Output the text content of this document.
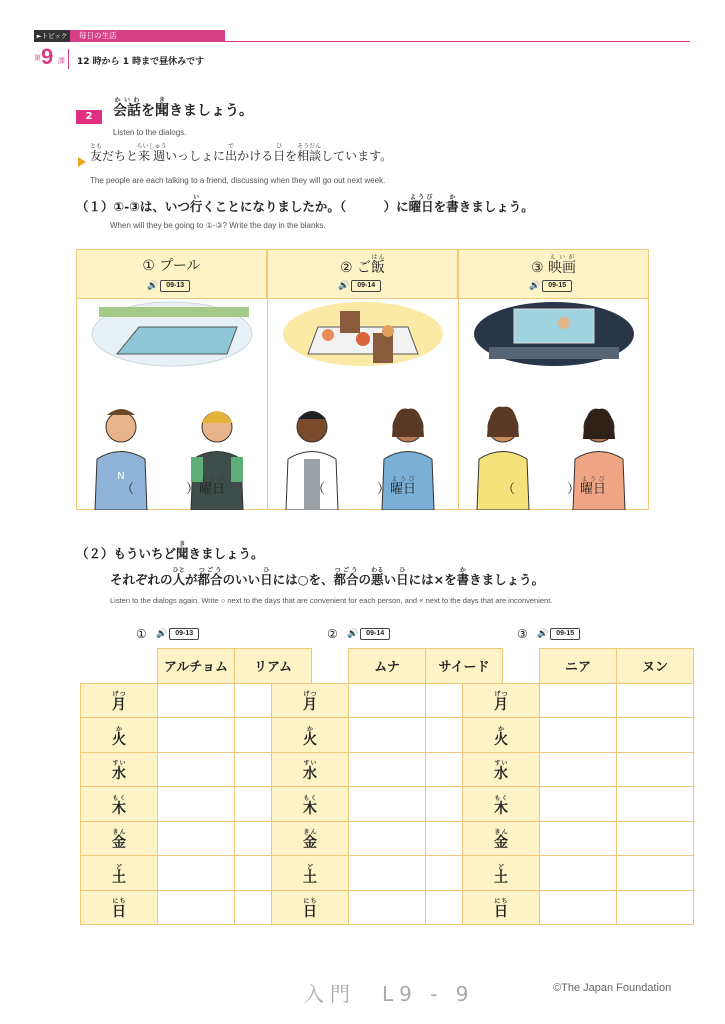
►トピック	毎日の生活
第 9 課 12 時から 1 時まで昼休みです
2	会話かいわを聞ききましょう。
Listen to the dialogs.
友ともだちと来週らいしゅういっしょに出でかける日ひを相談そうだんしています。
The people are each talking to a friend, discussing when they will go out next week.
（１）①‐③は、いつ行いくことになりましたか。（　　　）に曜日ようびを書かきましょう。
When will they be going to ①-③? Write the day in the blanks.
① プール
🔊	09-13
② ご飯はん
🔊	09-14
③ 映画えいが
🔊	09-15
N
（　　　　）曜日ようび
（　　　　）曜日ようび
（　　　　）曜日ようび
（２）もういちど聞ききましょう。
それぞれの人ひとが都合つごうのいい日ひには○を、都合つごうの悪わるい日ひには×を書かきましょう。
Listen to the dialogs again. Write ○ next to the days that are convenient for each person, and × next to the days that are inconvenient.
① 🔊	09-13	② 🔊	09-14	③ 🔊	09-15
	アルチョム	リアム
月げつ				
火か				
水すい				
木もく				
金きん				
土ど				
日にち				
	ムナ	サイード
月げつ				
火か				
水すい				
木もく				
金きん				
土ど				
日にち				
	ニア	ヌン
月げつ				
火か				
水すい				
木もく				
金きん				
土ど				
日にち				
入門　L9 - 9	©The Japan Foundation
